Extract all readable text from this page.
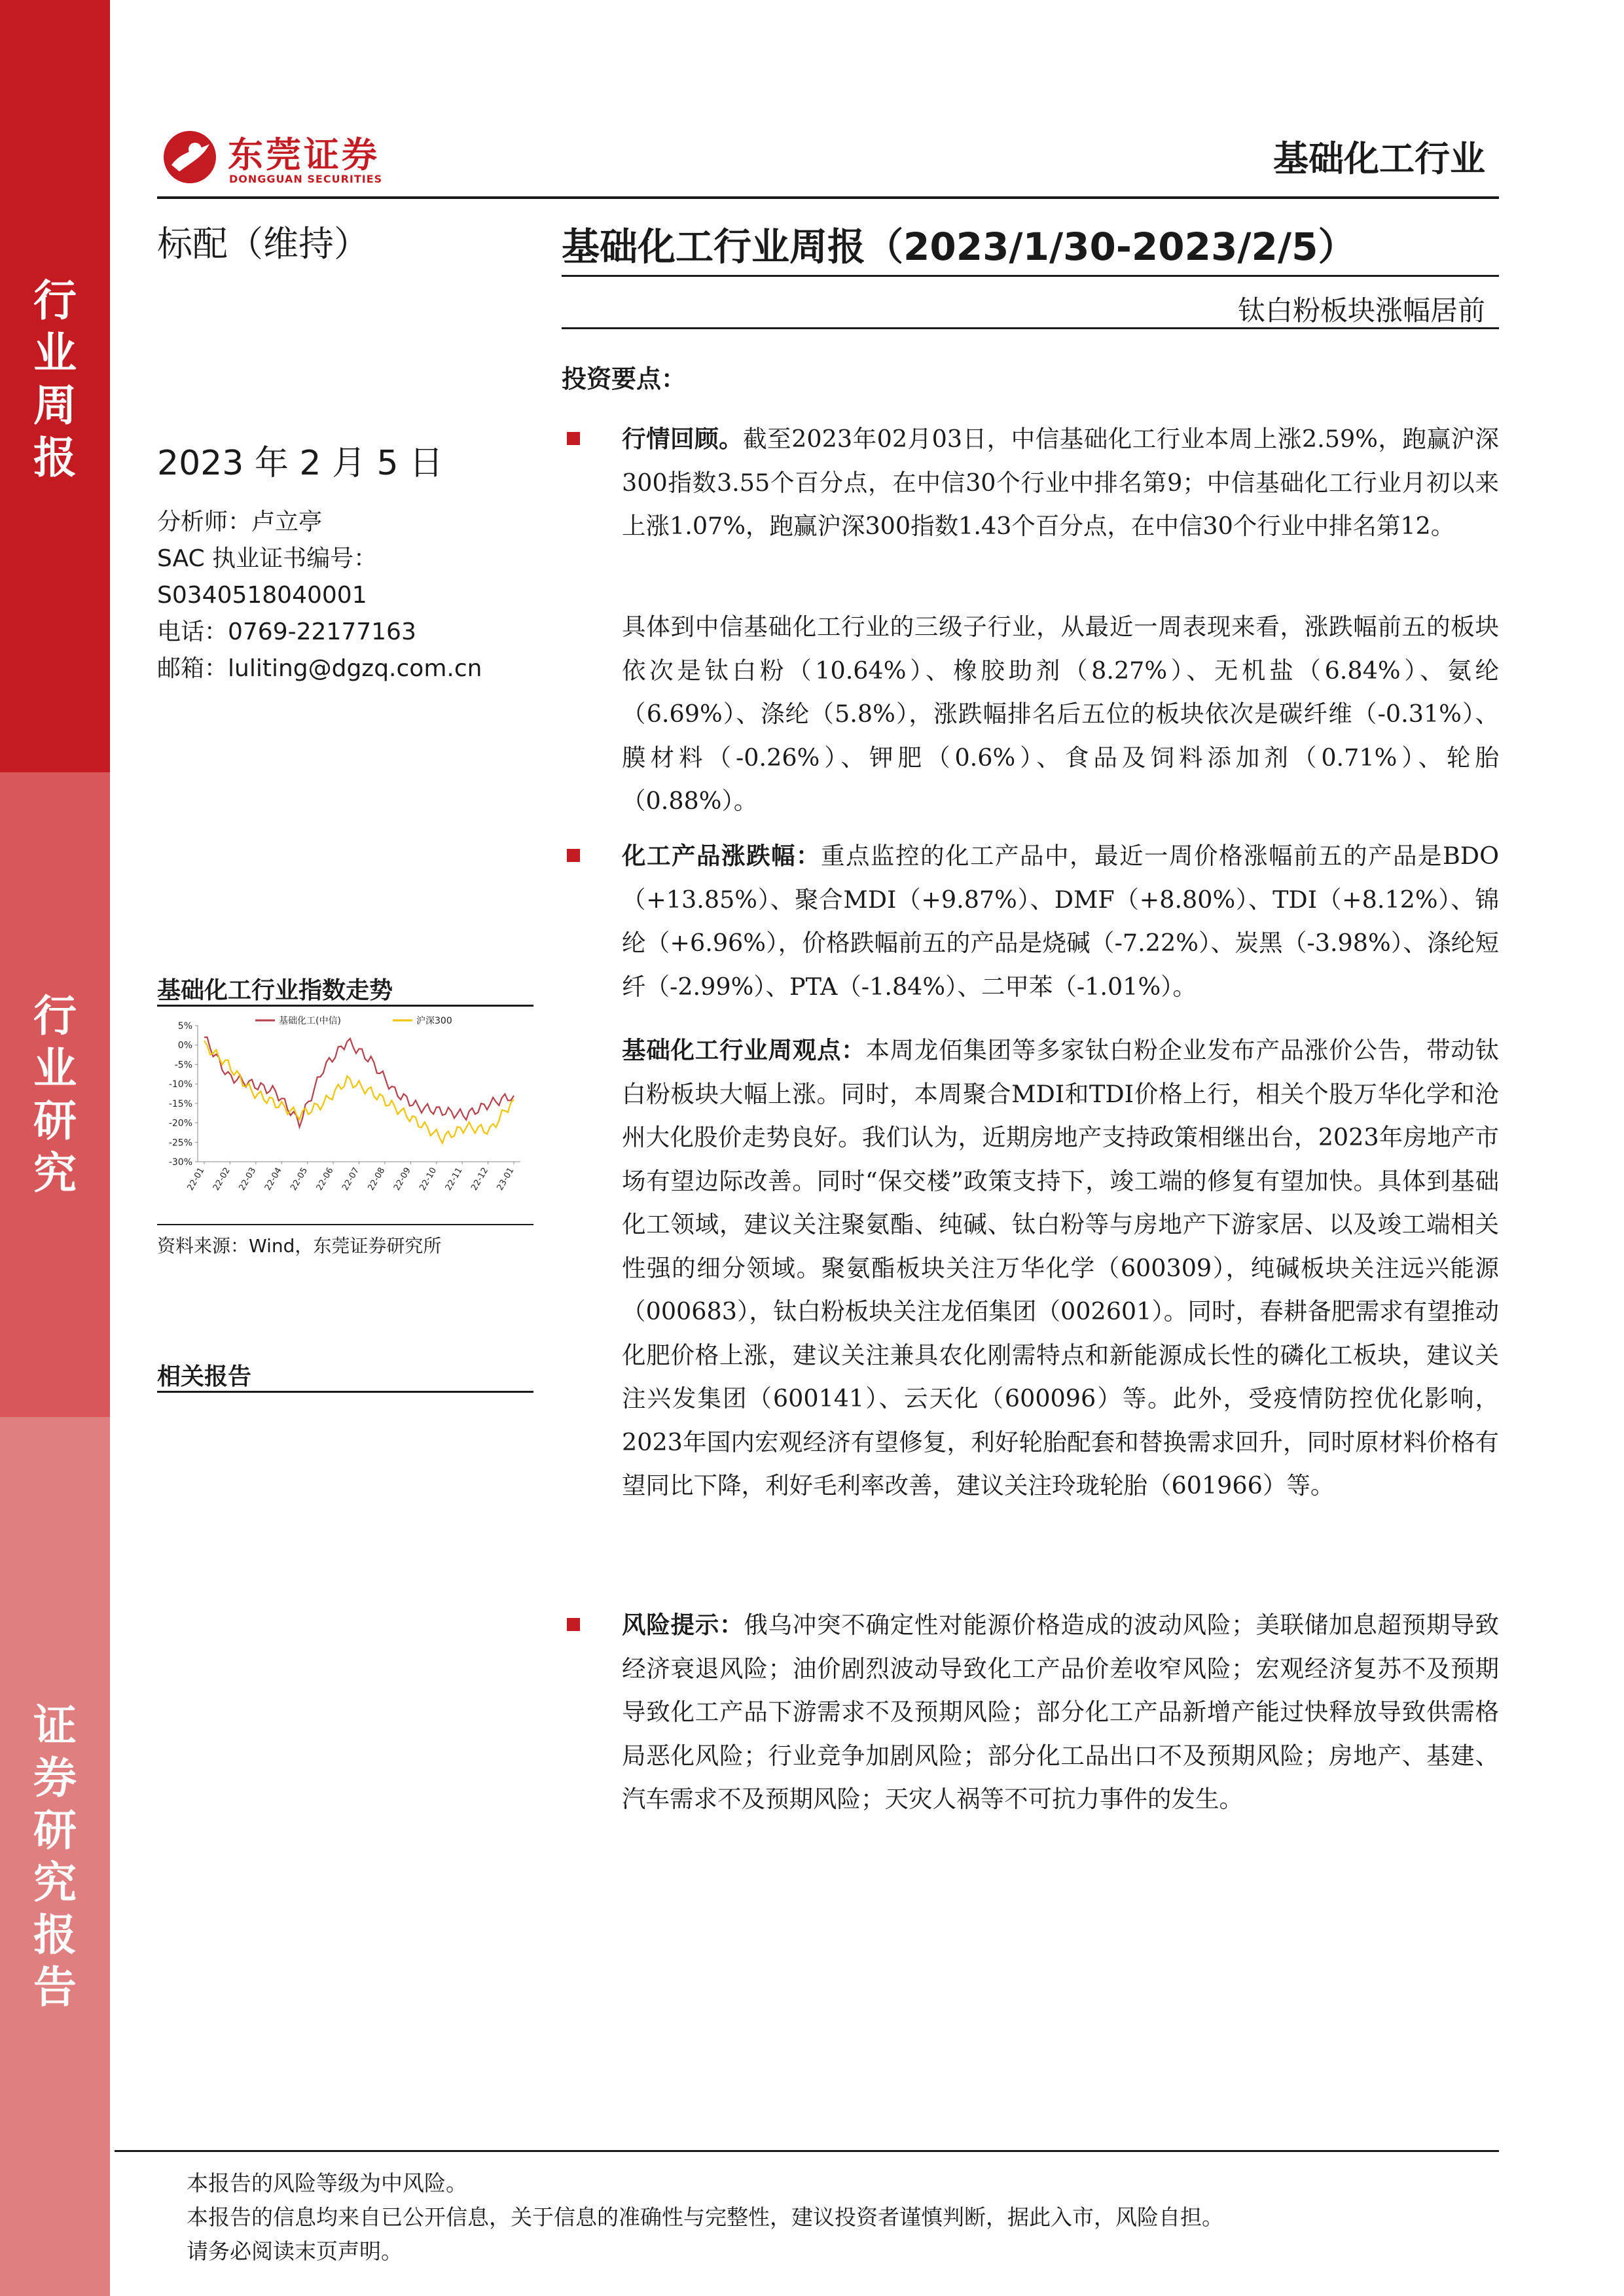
行
业
周
报
行
业
研
究
证
券
研
究
报
告
东莞证券
DONGGUAN SECURITIES	基础化工行业
标配（维持）	基础化工行业周报（2023/1/30-2023/2/5）
钛白粉板块涨幅居前
2023 年 2 月 5 日
分析师：卢立亭
SAC 执业证书编号：
S0340518040001
电话：0769-22177163
邮箱：luliting@dgzq.com.cn
基础化工行业指数走势
5%
0%
-5%
-10%
-15%
-20%
-25%
-30%
22-01 22-02 22-03 22-04 22-05 22-06 22-07 22-08 22-09 22-10 22-11 22-12 23-01
基础化工(中信)	沪深300
资料来源：Wind，东莞证券研究所
相关报告
投资要点：
行情回顾。截至2023年02月03日，中信基础化工行业本周上涨2.59%，跑赢沪深300指数3.55个百分点，在中信30个行业中排名第9；中信基础化工行业月初以来上涨1.07%，跑赢沪深300指数1.43个百分点，在中信30个行业中排名第12。
具体到中信基础化工行业的三级子行业，从最近一周表现来看，涨跌幅前五的板块依次是钛白粉（10.64%）、橡胶助剂（8.27%）、无机盐（6.84%）、氨纶（6.69%）、涤纶（5.8%），涨跌幅排名后五位的板块依次是碳纤维（-0.31%）、膜材料（-0.26%）、钾肥（0.6%）、食品及饲料添加剂（0.71%）、轮胎（0.88%）。
化工产品涨跌幅：重点监控的化工产品中，最近一周价格涨幅前五的产品是BDO（+13.85%）、聚合MDI（+9.87%）、DMF（+8.80%）、TDI（+8.12%）、锦纶（+6.96%），价格跌幅前五的产品是烧碱（-7.22%）、炭黑（-3.98%）、涤纶短纤（-2.99%）、PTA（-1.84%）、二甲苯（-1.01%）。
基础化工行业周观点：本周龙佰集团等多家钛白粉企业发布产品涨价公告，带动钛白粉板块大幅上涨。同时，本周聚合MDI和TDI价格上行，相关个股万华化学和沧州大化股价走势良好。我们认为，近期房地产支持政策相继出台，2023年房地产市场有望边际改善。同时“保交楼”政策支持下，竣工端的修复有望加快。具体到基础化工领域，建议关注聚氨酯、纯碱、钛白粉等与房地产下游家居、以及竣工端相关性强的细分领域。聚氨酯板块关注万华化学（600309），纯碱板块关注远兴能源（000683），钛白粉板块关注龙佰集团（002601）。同时，春耕备肥需求有望推动化肥价格上涨，建议关注兼具农化刚需特点和新能源成长性的磷化工板块，建议关注兴发集团（600141）、云天化（600096）等。此外，受疫情防控优化影响，2023年国内宏观经济有望修复，利好轮胎配套和替换需求回升，同时原材料价格有望同比下降，利好毛利率改善，建议关注玲珑轮胎（601966）等。
风险提示：俄乌冲突不确定性对能源价格造成的波动风险；美联储加息超预期导致经济衰退风险；油价剧烈波动导致化工产品价差收窄风险；宏观经济复苏不及预期导致化工产品下游需求不及预期风险；部分化工产品新增产能过快释放导致供需格局恶化风险；行业竞争加剧风险；部分化工品出口不及预期风险；房地产、基建、汽车需求不及预期风险；天灾人祸等不可抗力事件的发生。
本报告的风险等级为中风险。
本报告的信息均来自已公开信息，关于信息的准确性与完整性，建议投资者谨慎判断，据此入市，风险自担。
请务必阅读末页声明。
